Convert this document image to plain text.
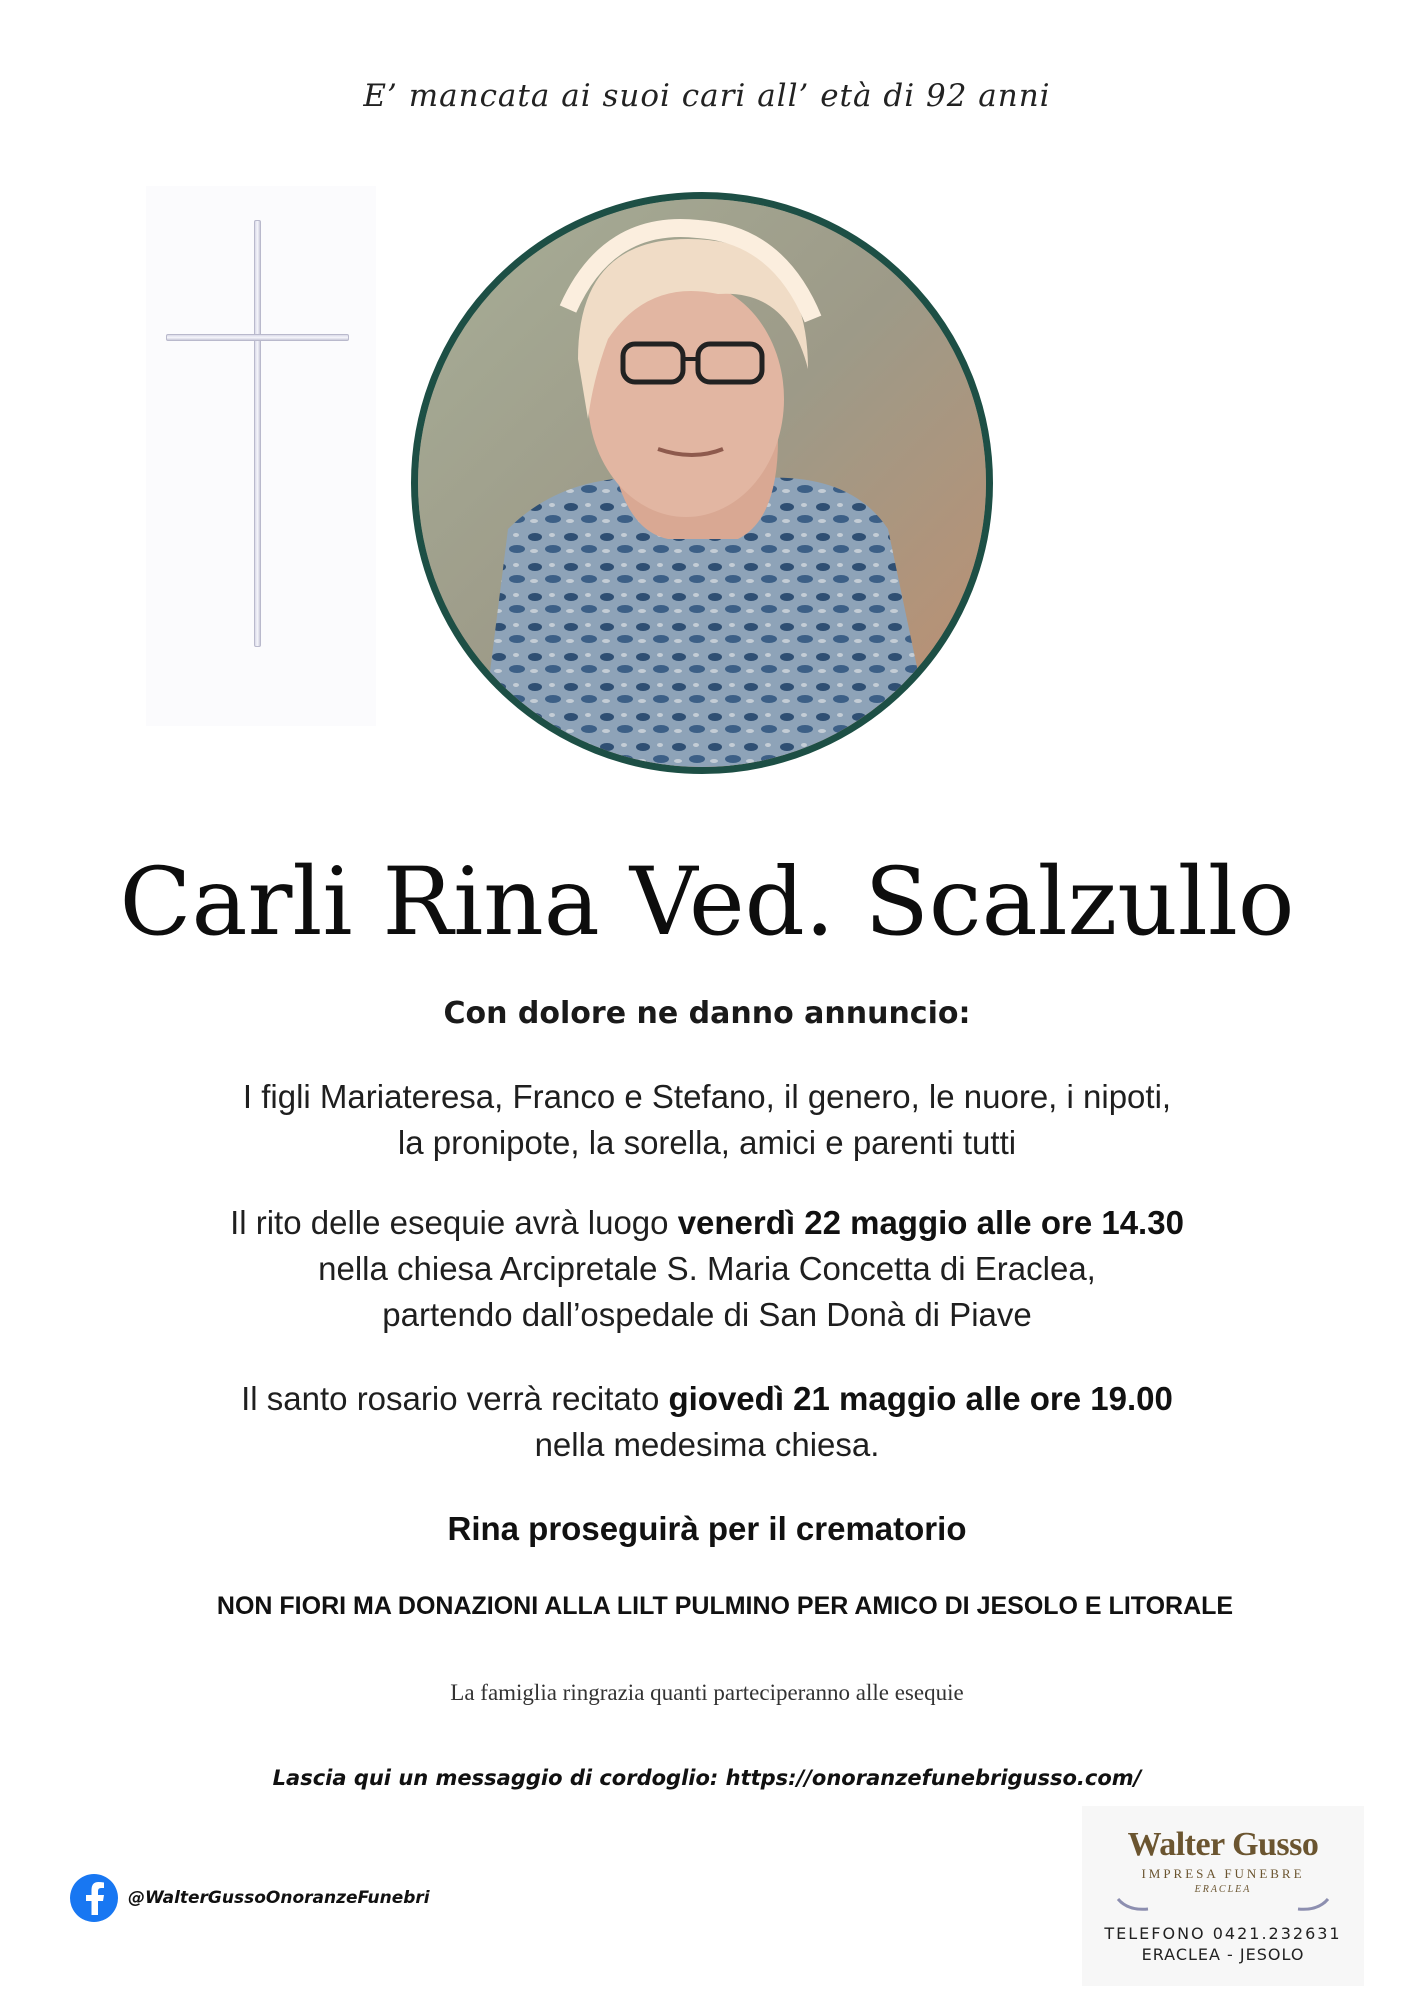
E’ mancata ai suoi cari all’ età di 92 anni
Carli Rina Ved. Scalzullo
Con dolore ne danno annuncio:
I figli Mariateresa, Franco e Stefano, il genero, le nuore, i nipoti,
la pronipote, la sorella, amici e parenti tutti
Il rito delle esequie avrà luogo venerdì 22 maggio alle ore 14.30
nella chiesa Arcipretale S. Maria Concetta di Eraclea,
partendo dall’ospedale di San Donà di Piave
Il santo rosario verrà recitato giovedì 21 maggio alle ore 19.00
nella medesima chiesa.
Rina proseguirà per il crematorio
NON FIORI MA DONAZIONI ALLA LILT PULMINO PER AMICO DI JESOLO E LITORALE
La famiglia ringrazia quanti parteciperanno alle esequie
Lascia qui un messaggio di cordoglio: https://onoranzefunebrigusso.com/
@WalterGussoOnoranzeFunebri
Walter Gusso
IMPRESA FUNEBRE
ERACLEA
TELEFONO 0421.232631
ERACLEA - JESOLO
